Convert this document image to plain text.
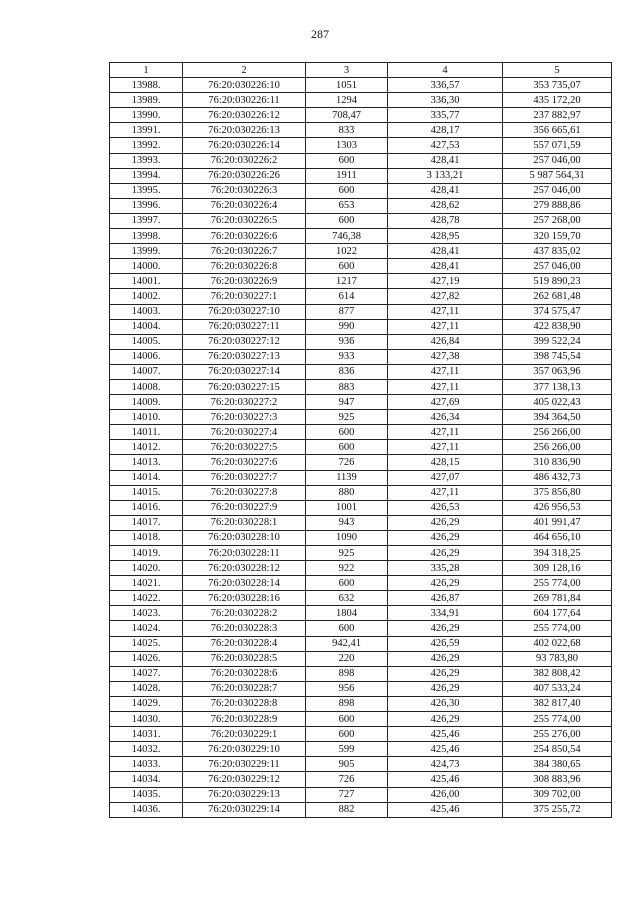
287
1	2	3	4	5
13988.	76:20:030226:10	1051	336,57	353 735,07
13989.	76:20:030226:11	1294	336,30	435 172,20
13990.	76:20:030226:12	708,47	335,77	237 882,97
13991.	76:20:030226:13	833	428,17	356 665,61
13992.	76:20:030226:14	1303	427,53	557 071,59
13993.	76:20:030226:2	600	428,41	257 046,00
13994.	76:20:030226:26	1911	3 133,21	5 987 564,31
13995.	76:20:030226:3	600	428,41	257 046,00
13996.	76:20:030226:4	653	428,62	279 888,86
13997.	76:20:030226:5	600	428,78	257 268,00
13998.	76:20:030226:6	746,38	428,95	320 159,70
13999.	76:20:030226:7	1022	428,41	437 835,02
14000.	76:20:030226:8	600	428,41	257 046,00
14001.	76:20:030226:9	1217	427,19	519 890,23
14002.	76:20:030227:1	614	427,82	262 681,48
14003.	76:20:030227:10	877	427,11	374 575,47
14004.	76:20:030227:11	990	427,11	422 838,90
14005.	76:20:030227:12	936	426,84	399 522,24
14006.	76:20:030227:13	933	427,38	398 745,54
14007.	76:20:030227:14	836	427,11	357 063,96
14008.	76:20:030227:15	883	427,11	377 138,13
14009.	76:20:030227:2	947	427,69	405 022,43
14010.	76:20:030227:3	925	426,34	394 364,50
14011.	76:20:030227:4	600	427,11	256 266,00
14012.	76:20:030227:5	600	427,11	256 266,00
14013.	76:20:030227:6	726	428,15	310 836,90
14014.	76:20:030227:7	1139	427,07	486 432,73
14015.	76:20:030227:8	880	427,11	375 856,80
14016.	76:20:030227:9	1001	426,53	426 956,53
14017.	76:20:030228:1	943	426,29	401 991,47
14018.	76:20:030228:10	1090	426,29	464 656,10
14019.	76:20:030228:11	925	426,29	394 318,25
14020.	76:20:030228:12	922	335,28	309 128,16
14021.	76:20:030228:14	600	426,29	255 774,00
14022.	76:20:030228:16	632	426,87	269 781,84
14023.	76:20:030228:2	1804	334,91	604 177,64
14024.	76:20:030228:3	600	426,29	255 774,00
14025.	76:20:030228:4	942,41	426,59	402 022,68
14026.	76:20:030228:5	220	426,29	93 783,80
14027.	76:20:030228:6	898	426,29	382 808,42
14028.	76:20:030228:7	956	426,29	407 533,24
14029.	76:20:030228:8	898	426,30	382 817,40
14030.	76:20:030228:9	600	426,29	255 774,00
14031.	76:20:030229:1	600	425,46	255 276,00
14032.	76:20:030229:10	599	425,46	254 850,54
14033.	76:20:030229:11	905	424,73	384 380,65
14034.	76:20:030229:12	726	425,46	308 883,96
14035.	76:20:030229:13	727	426,00	309 702,00
14036.	76:20:030229:14	882	425,46	375 255,72
